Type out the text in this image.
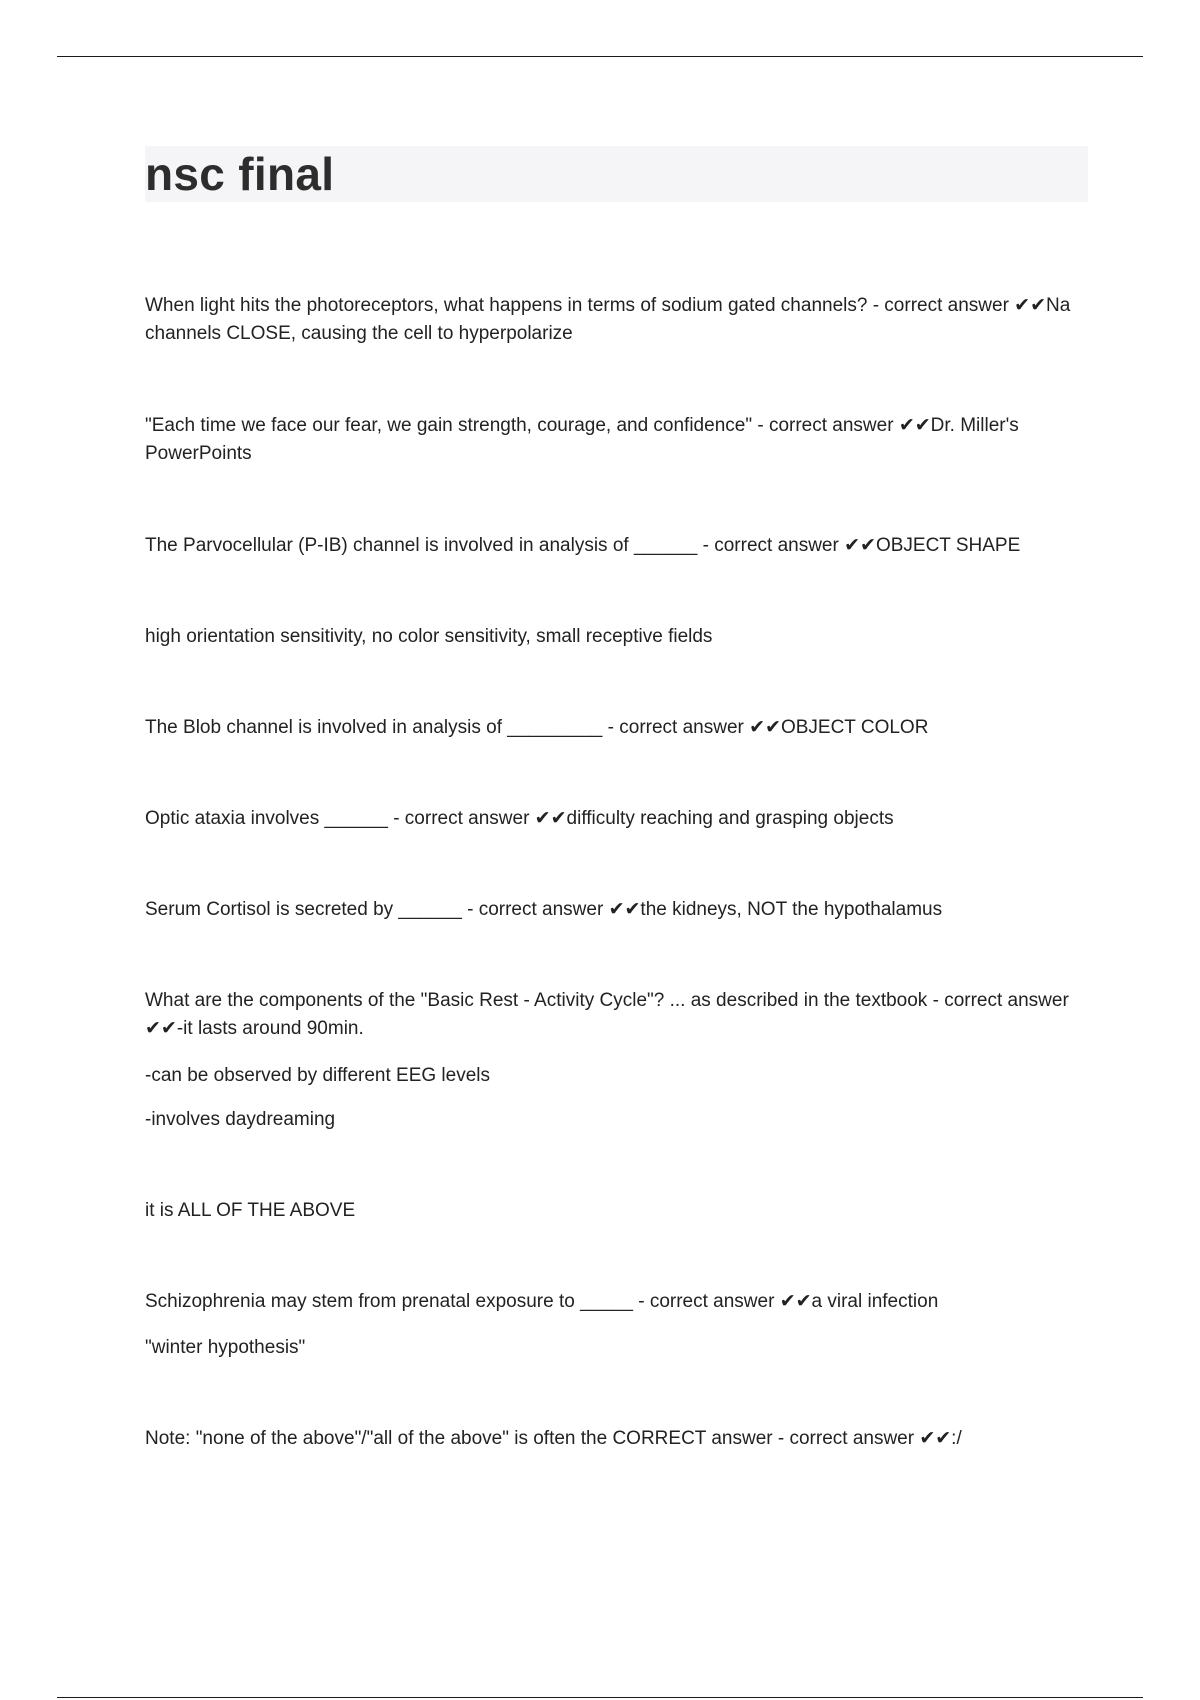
nsc final

When light hits the photoreceptors, what happens in terms of sodium gated channels? - correct answer ✔✔Na channels CLOSE, causing the cell to hyperpolarize

"Each time we face our fear, we gain strength, courage, and confidence" - correct answer ✔✔Dr. Miller's PowerPoints

The Parvocellular (P-IB) channel is involved in analysis of ______ - correct answer ✔✔OBJECT SHAPE

high orientation sensitivity, no color sensitivity, small receptive fields

The Blob channel is involved in analysis of _________ - correct answer ✔✔OBJECT COLOR

Optic ataxia involves ______ - correct answer ✔✔difficulty reaching and grasping objects

Serum Cortisol is secreted by ______ - correct answer ✔✔the kidneys, NOT the hypothalamus

What are the components of the "Basic Rest - Activity Cycle"? ... as described in the textbook - correct answer ✔✔-it lasts around 90min.

-can be observed by different EEG levels

-involves daydreaming

it is ALL OF THE ABOVE

Schizophrenia may stem from prenatal exposure to _____ - correct answer ✔✔a viral infection

"winter hypothesis"

Note: "none of the above"/"all of the above" is often the CORRECT answer - correct answer ✔✔:/
